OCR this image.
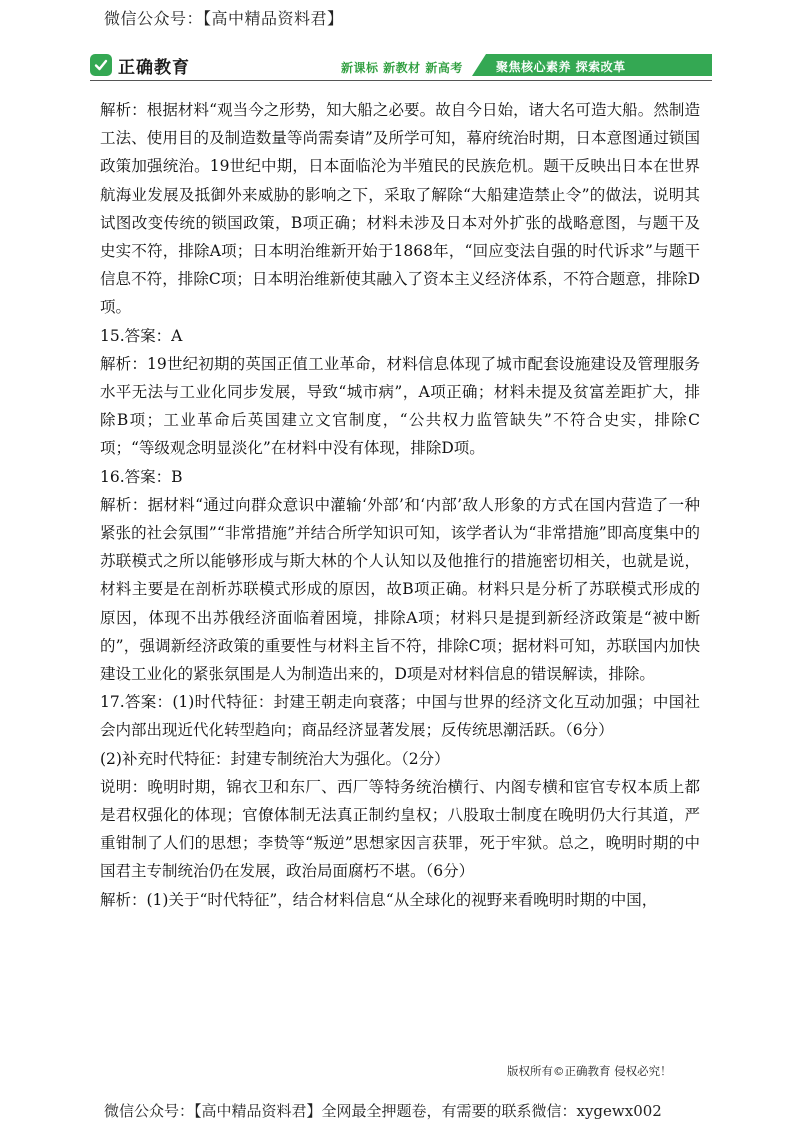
微信公众号：【高中精品资料君】
正确教育	新课标 新教材 新高考	聚焦核心素养 探索改革

解析：根据材料“观当今之形势，知大船之必要。故自今日始，诸大名可造大船。然制造工法、使用目的及制造数量等尚需奏请”及所学可知，幕府统治时期，日本意图通过锁国政策加强统治。19世纪中期，日本面临沦为半殖民的民族危机。题干反映出日本在世界航海业发展及抵御外来威胁的影响之下，采取了解除“大船建造禁止令”的做法，说明其试图改变传统的锁国政策，B项正确；材料未涉及日本对外扩张的战略意图，与题干及史实不符，排除A项；日本明治维新开始于1868年，“回应变法自强的时代诉求”与题干信息不符，排除C项；日本明治维新使其融入了资本主义经济体系，不符合题意，排除D项。

15.答案：A

解析：19世纪初期的英国正值工业革命，材料信息体现了城市配套设施建设及管理服务水平无法与工业化同步发展，导致“城市病”，A项正确；材料未提及贫富差距扩大，排除B项；工业革命后英国建立文官制度，“公共权力监管缺失”不符合史实，排除C项；“等级观念明显淡化”在材料中没有体现，排除D项。

16.答案：B

解析：据材料“通过向群众意识中灌输‘外部’和‘内部’敌人形象的方式在国内营造了一种紧张的社会氛围”“非常措施”并结合所学知识可知，该学者认为“非常措施”即高度集中的苏联模式之所以能够形成与斯大林的个人认知以及他推行的措施密切相关，也就是说，材料主要是在剖析苏联模式形成的原因，故B项正确。材料只是分析了苏联模式形成的原因，体现不出苏俄经济面临着困境，排除A项；材料只是提到新经济政策是“被中断的”，强调新经济政策的重要性与材料主旨不符，排除C项；据材料可知，苏联国内加快建设工业化的紧张氛围是人为制造出来的，D项是对材料信息的错误解读，排除。

17.答案：(1)时代特征：封建王朝走向衰落；中国与世界的经济文化互动加强；中国社会内部出现近代化转型趋向；商品经济显著发展；反传统思潮活跃。（6分）

(2)补充时代特征：封建专制统治大为强化。（2分）

说明：晚明时期，锦衣卫和东厂、西厂等特务统治横行、内阁专横和宦官专权本质上都是君权强化的体现；官僚体制无法真正制约皇权；八股取士制度在晚明仍大行其道，严重钳制了人们的思想；李贽等“叛逆”思想家因言获罪，死于牢狱。总之，晚明时期的中国君主专制统治仍在发展，政治局面腐朽不堪。（6分）

解析：(1)关于“时代特征”，结合材料信息“从全球化的视野来看晚明时期的中国，

版权所有©正确教育 侵权必究！
微信公众号：【高中精品资料君】全网最全押题卷，有需要的联系微信：xygewx002
